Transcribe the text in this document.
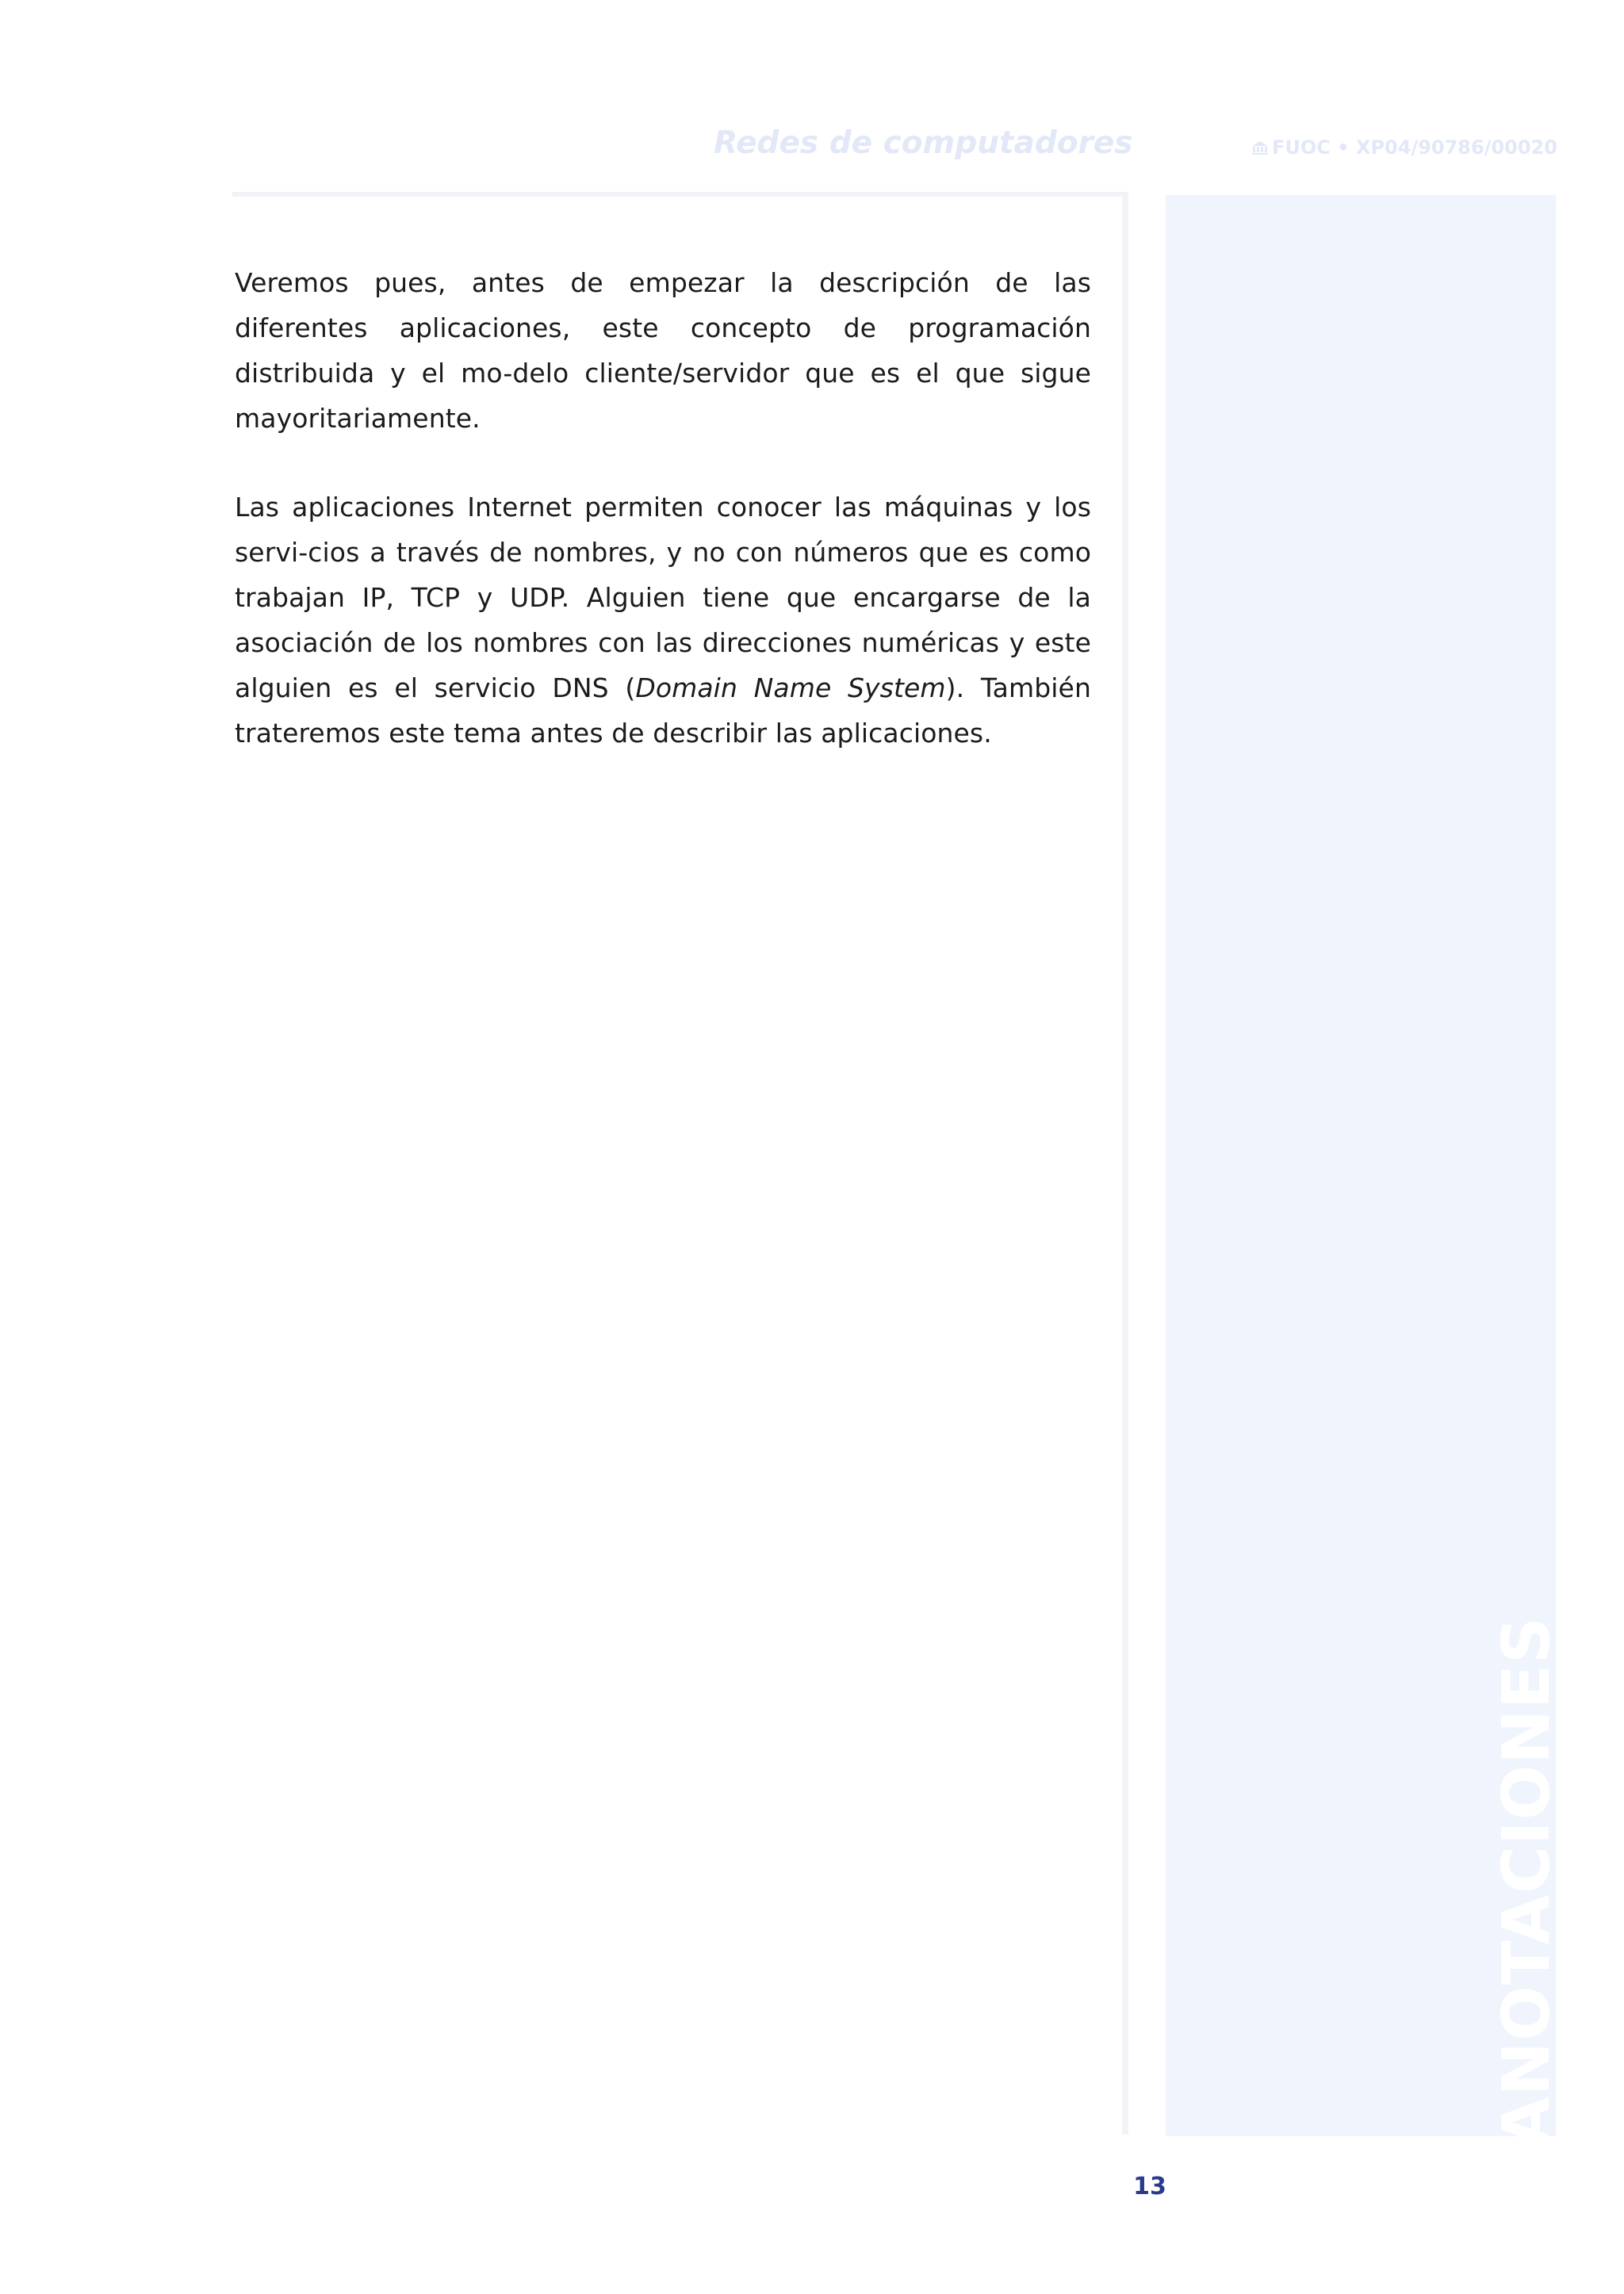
Redes de computadores	FUOC • XP04/90786/00020
ANOTACIONES

Veremos pues, antes de empezar la descripción de las diferentes aplicaciones, este concepto de programación distribuida y el mo-delo cliente/servidor que es el que sigue mayoritariamente.

Las aplicaciones Internet permiten conocer las máquinas y los servi-cios a través de nombres, y no con números que es como trabajan IP, TCP y UDP. Alguien tiene que encargarse de la asociación de los nombres con las direcciones numéricas y este alguien es el servicio DNS (Domain Name System). También trateremos este tema antes de describir las aplicaciones.

13
